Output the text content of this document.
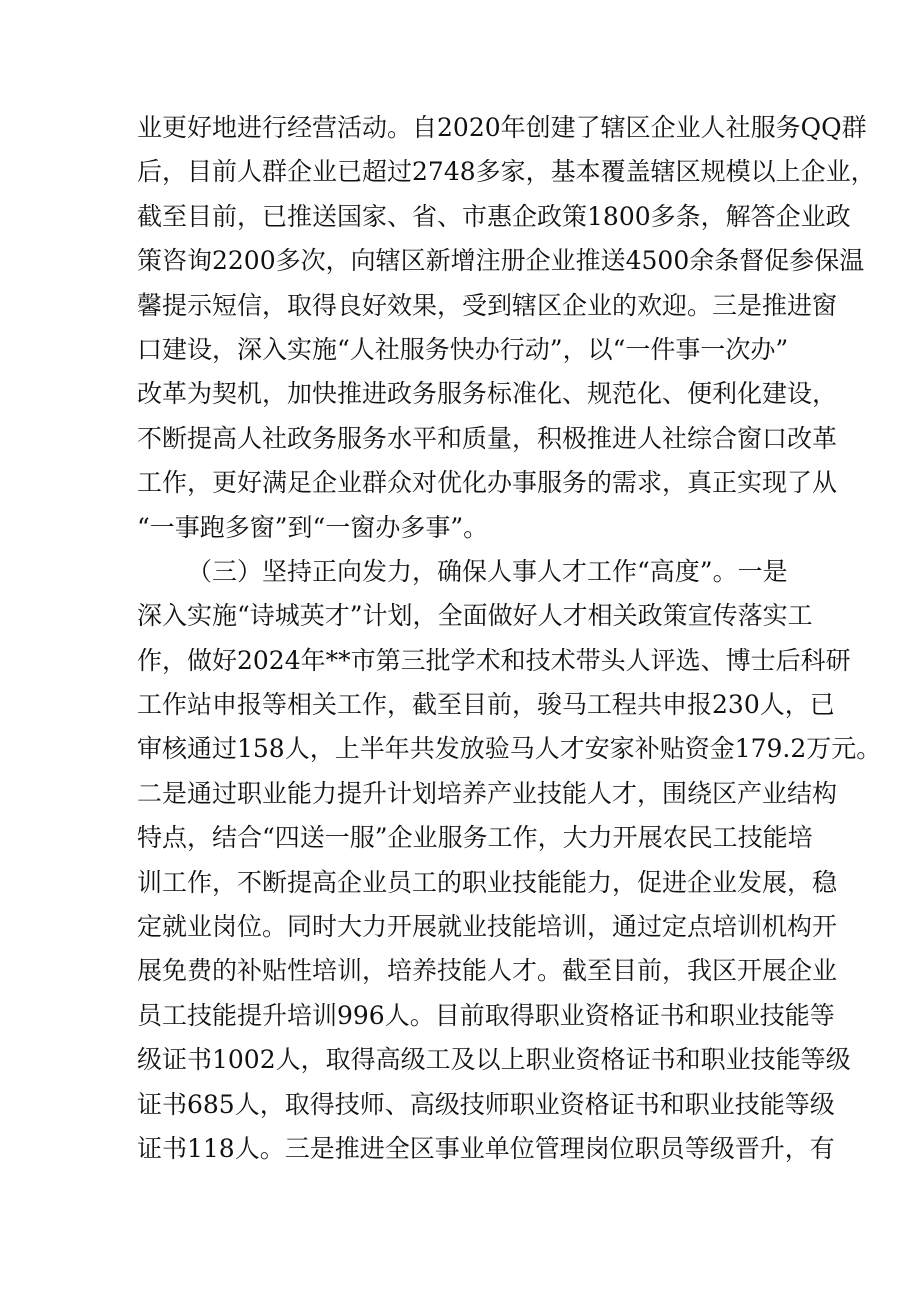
业更好地进行经营活动。自2020年创建了辖区企业人社服务QQ群
后，目前人群企业已超过2748多家，基本覆盖辖区规模以上企业，
截至目前，已推送国家、省、市惠企政策1800多条，解答企业政
策咨询2200多次，向辖区新增注册企业推送4500余条督促参保温
馨提示短信，取得良好效果，受到辖区企业的欢迎。三是推进窗
口建设，深入实施“人社服务快办行动”，以“一件事一次办”
改革为契机，加快推进政务服务标准化、规范化、便利化建设，
不断提高人社政务服务水平和质量，积极推进人社综合窗口改革
工作，更好满足企业群众对优化办事服务的需求，真正实现了从
“一事跑多窗”到“一窗办多事”。
（三）坚持正向发力，确保人事人才工作“高度”。一是
深入实施“诗城英才”计划，全面做好人才相关政策宣传落实工
作，做好2024年**市第三批学术和技术带头人评选、博士后科研
工作站申报等相关工作，截至目前，骏马工程共申报230人，已
审核通过158人，上半年共发放验马人才安家补贴资金179.2万元。
二是通过职业能力提升计划培养产业技能人才，围绕区产业结构
特点，结合“四送一服”企业服务工作，大力开展农民工技能培
训工作，不断提高企业员工的职业技能能力，促进企业发展，稳
定就业岗位。同时大力开展就业技能培训，通过定点培训机构开
展免费的补贴性培训，培养技能人才。截至目前，我区开展企业
员工技能提升培训996人。目前取得职业资格证书和职业技能等
级证书1002人，取得高级工及以上职业资格证书和职业技能等级
证书685人，取得技师、高级技师职业资格证书和职业技能等级
证书118人。三是推进全区事业单位管理岗位职员等级晋升，有
